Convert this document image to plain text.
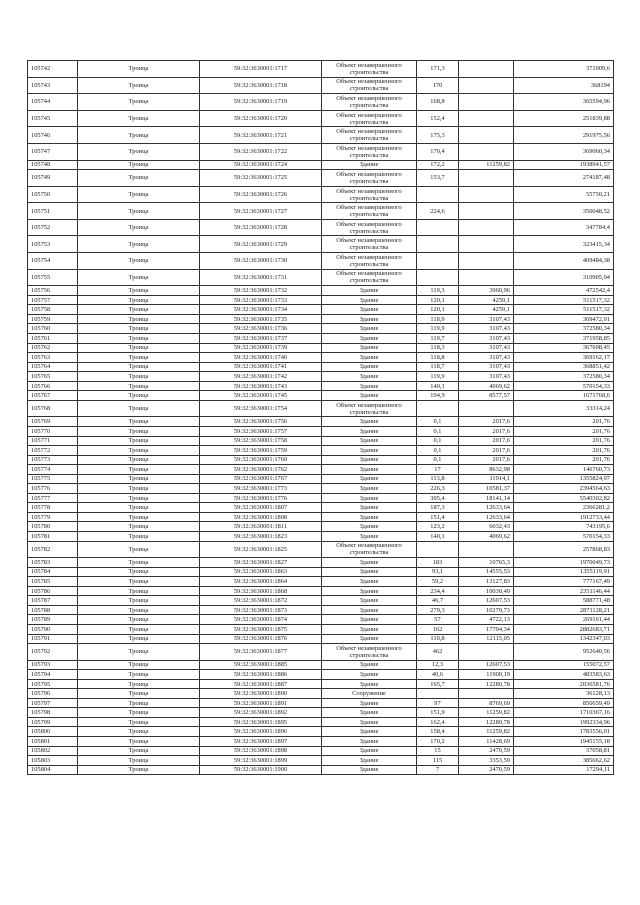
105742	Троица	59:32:3630001:1717	Объект незавершенного строительства	171,3		371009,6
105743	Троица	59:32:3630001:1718	Объект незавершенного строительства	170		368194
105744	Троица	59:32:3630001:1719	Объект незавершенного строительства	168,8		365594,96
105745	Троица	59:32:3630001:1720	Объект незавершенного строительства	152,4		251839,88
105746	Троица	59:32:3630001:1721	Объект незавершенного строительства	175,3		291975,56
105747	Троица	59:32:3630001:1722	Объект незавершенного строительства	170,4		369060,34
105748	Троица	59:32:3630001:1724	Здание	172,2	11259,82	1938941,57
105749	Троица	59:32:3630001:1725	Объект незавершенного строительства	153,7		274187,48
105750	Троица	59:32:3630001:1726	Объект незавершенного строительства			55750,21
105751	Троица	59:32:3630001:1727	Объект незавершенного строительства	224,6		350048,52
105752	Троица	59:32:3630001:1728	Объект незавершенного строительства			347784,4
105753	Троица	59:32:3630001:1729	Объект незавершенного строительства			323415,34
105754	Троица	59:32:3630001:1730	Объект незавершенного строительства			409484,38
105755	Троица	59:32:3630001:1731	Объект незавершенного строительства			310905,94
105756	Троица	59:32:3630001:1732	Здание	119,3	3960,96	472542,4
105757	Троица	59:32:3630001:1733	Здание	120,1	4259,1	511517,32
105758	Троица	59:32:3630001:1734	Здание	120,1	4259,1	511517,32
105759	Троица	59:32:3630001:1735	Здание	118,9	3107,43	369472,91
105760	Троица	59:32:3630001:1736	Здание	119,9	3107,43	372580,34
105761	Троица	59:32:3630001:1737	Здание	119,7	3107,43	371958,85
105762	Троица	59:32:3630001:1739	Здание	118,3	3107,43	367608,45
105763	Троица	59:32:3630001:1740	Здание	118,8	3107,43	369162,17
105764	Троица	59:32:3630001:1741	Здание	118,7	3107,43	368851,42
105765	Троица	59:32:3630001:1742	Здание	119,9	3107,43	372580,34
105766	Троица	59:32:3630001:1743	Здание	140,1	4069,62	570154,33
105767	Троица	59:32:3630001:1745	Здание	194,9	8577,57	1671768,6
105768	Троица	59:32:3630001:1754	Объект незавершенного строительства			33314,24
105769	Троица	59:32:3630001:1756	Здание	0,1	2017,6	201,76
105770	Троица	59:32:3630001:1757	Здание	0,1	2017,6	201,76
105771	Троица	59:32:3630001:1758	Здание	0,1	2017,6	201,76
105772	Троица	59:32:3630001:1759	Здание	0,1	2017,6	201,76
105773	Троица	59:32:3630001:1760	Здание	0,1	2017,6	201,76
105774	Троица	59:32:3630001:1762	Здание	17	8632,98	146760,73
105775	Троица	59:32:3630001:1767	Здание	113,8	11914,1	1355824,97
105776	Троица	59:32:3630001:1773	Здание	226,3	10581,37	2394564,63
105777	Троица	59:32:3630001:1776	Здание	305,4	18141,14	5540302,82
105778	Троица	59:32:3630001:1807	Здание	187,3	12633,64	2366281,2
105779	Троица	59:32:3630001:1808	Здание	151,4	12633,64	1912733,44
105780	Троица	59:32:3630001:1811	Здание	123,2	6032,43	743195,6
105781	Троица	59:32:3630001:1823	Здание	140,1	4069,62	570154,33
105782	Троица	59:32:3630001:1825	Объект незавершенного строительства			257868,83
105783	Троица	59:32:3630001:1827	Здание	183	10765,3	1970049,73
105784	Троица	59:32:3630001:1863	Здание	93,1	14555,53	1355119,91
105785	Троица	59:32:3630001:1864	Здание	59,2	13127,83	777167,49
105786	Троица	59:32:3630001:1868	Здание	234,4	10030,49	2351146,44
105787	Троица	59:32:3630001:1872	Здание	46,7	12607,53	588771,48
105788	Троица	59:32:3630001:1873	Здание	279,3	10279,73	2871128,21
105789	Троица	59:32:3630001:1874	Здание	57	4722,13	269161,44
105790	Троица	59:32:3630001:1875	Здание	162	17794,34	2882683,71
105791	Троица	59:32:3630001:1876	Здание	110,8	12115,05	1342347,03
105792	Троица	59:32:3630001:1877	Объект незавершенного строительства	462		952640,56
105793	Троица	59:32:3630001:1885	Здание	12,3	12607,53	155072,57
105794	Троица	59:32:3630001:1886	Здание	40,6	11900,19	483583,63
105795	Троица	59:32:3630001:1887	Здание	165,7	12280,78	2036581,76
105796	Троица	59:32:3630001:1890	Сооружение			36128,13
105797	Троица	59:32:3630001:1891	Здание	97	8769,69	850659,49
105798	Троица	59:32:3630001:1892	Здание	151,9	11259,82	1710367,16
105799	Троица	59:32:3630001:1895	Здание	162,4	12280,78	1992334,96
105800	Троица	59:32:3630001:1896	Здание	158,4	11259,82	1783556,01
105801	Троица	59:32:3630001:1897	Здание	170,2	11428,69	1945155,18
105802	Троица	59:32:3630001:1898	Здание	15	2470,59	37058,81
105803	Троица	59:32:3630001:1899	Здание	115	3353,59	385662,62
105804	Троица	59:32:3630001:1900	Здание	7	2470,59	17294,11
